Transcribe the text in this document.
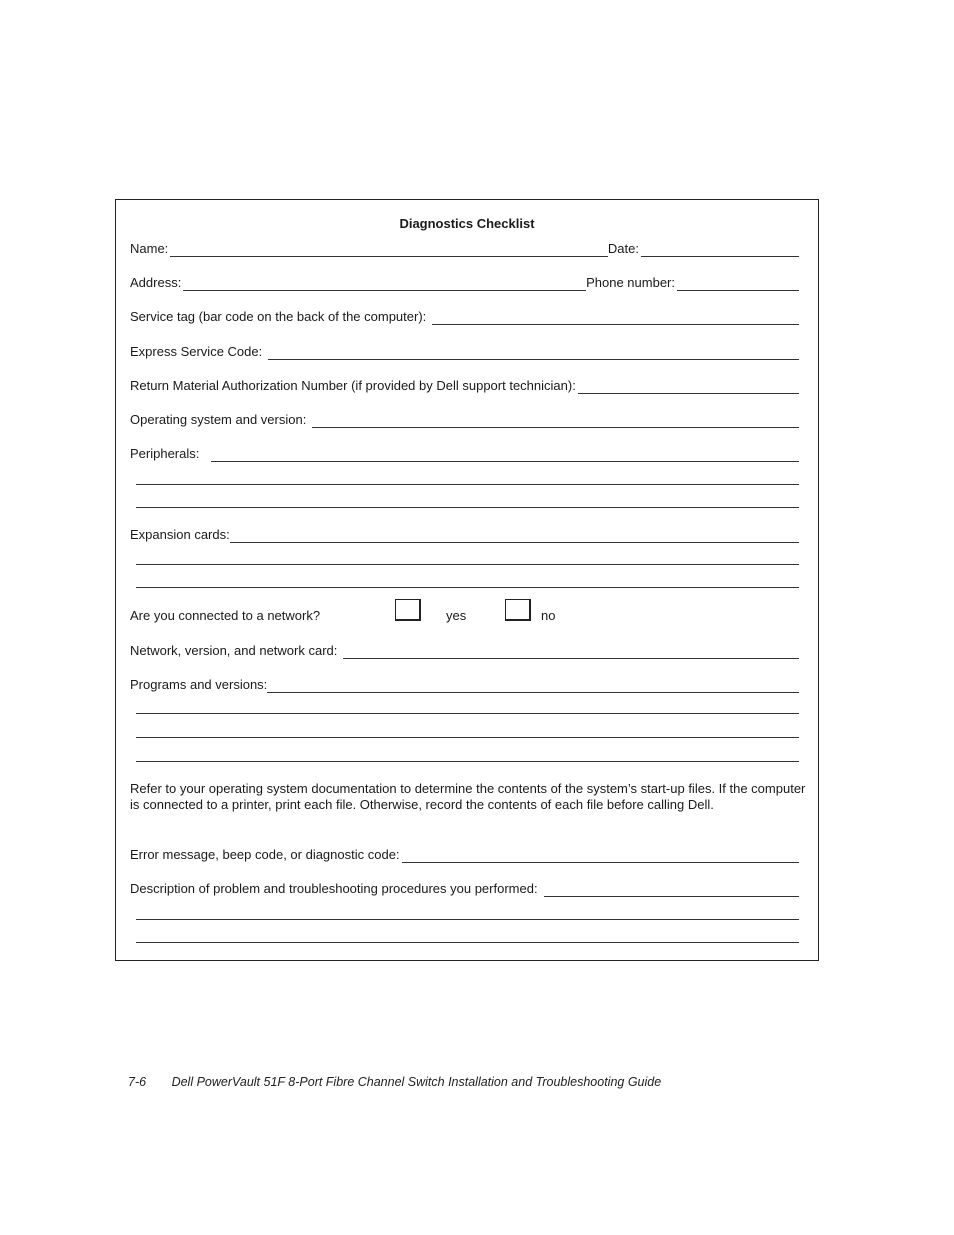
Diagnostics Checklist
Name:	Date:
Address:	Phone number:
Service tag (bar code on the back of the computer):
Express Service Code:
Return Material Authorization Number (if provided by Dell support technician):
Operating system and version:
Peripherals:
Expansion cards:
Are you connected to a network?	yes	no
Network, version, and network card:
Programs and versions:
Refer to your operating system documentation to determine the contents of the system’s start-up files. If the computer is connected to a printer, print each file. Otherwise, record the contents of each file before calling Dell.
Error message, beep code, or diagnostic code:
Description of problem and troubleshooting procedures you performed:
7-6 Dell PowerVault 51F 8-Port Fibre Channel Switch Installation and Troubleshooting Guide
